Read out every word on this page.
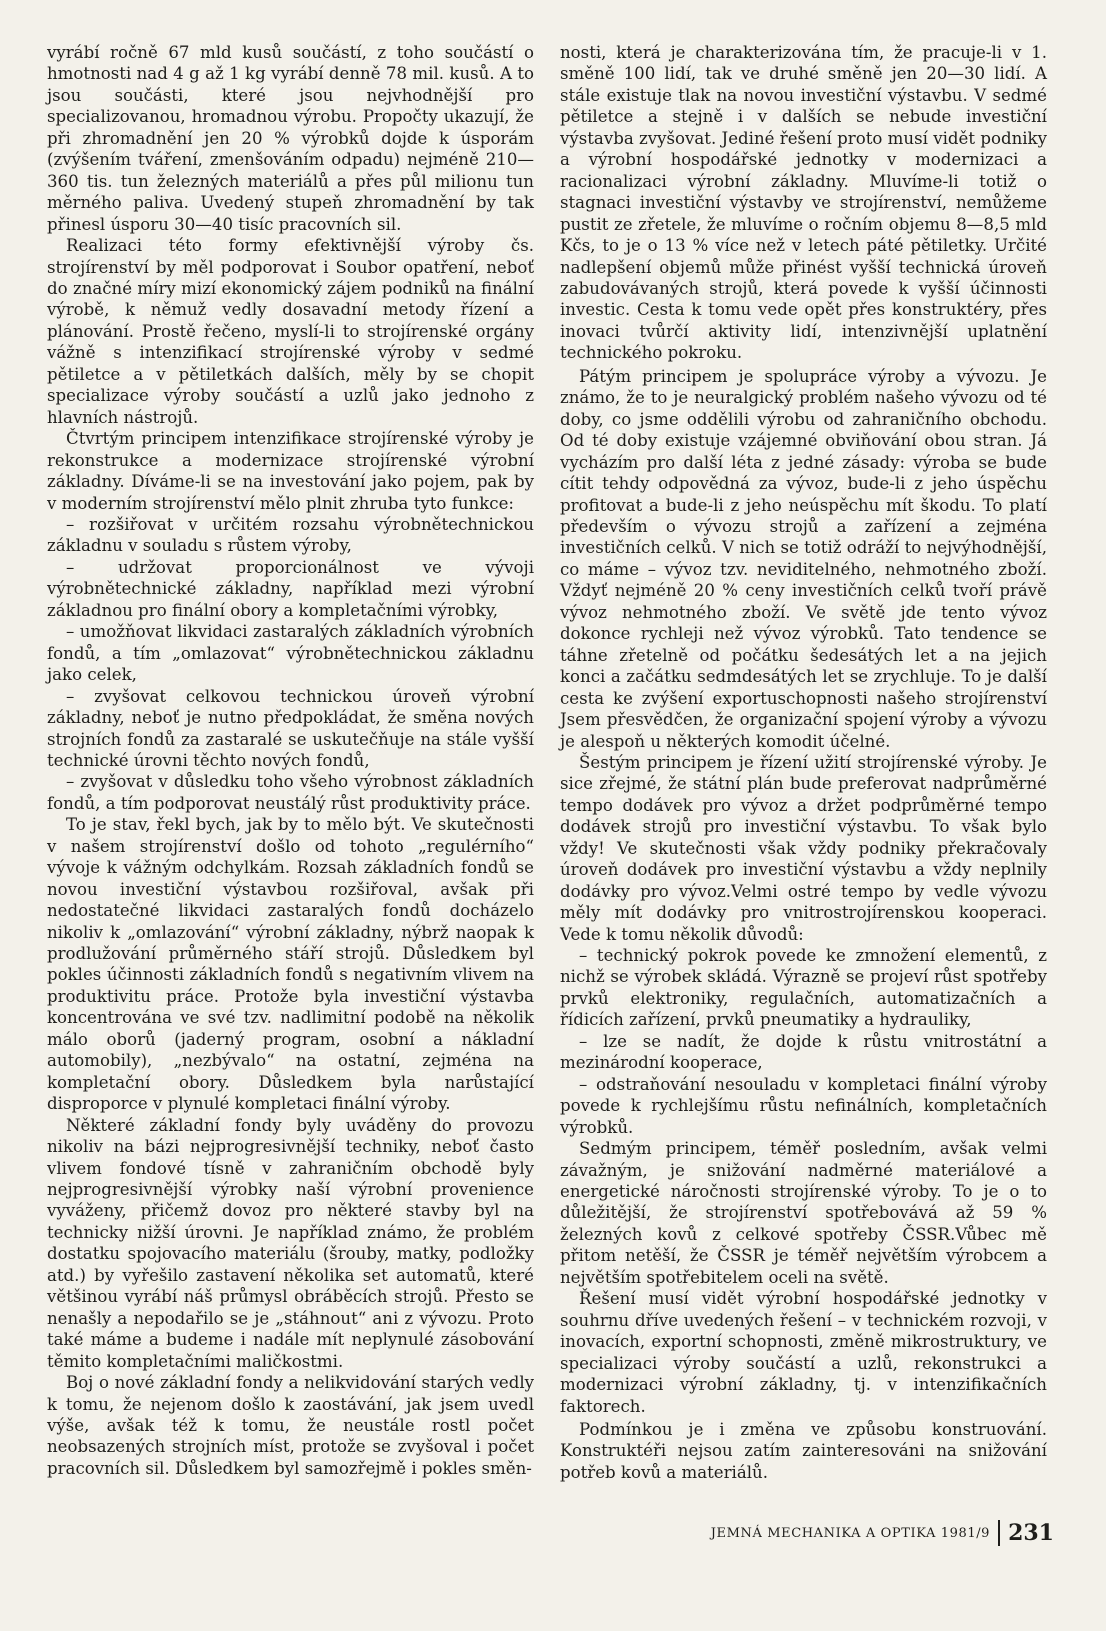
vyrábí ročně 67 mld kusů součástí, z toho součástí o hmotnosti nad 4 g až 1 kg vyrábí denně 78 mil. kusů. A to jsou součásti, které jsou nejvhodnější pro specializovanou, hromadnou výrobu. Propočty ukazují, že při zhromadnění jen 20 % výrobků dojde k úsporám (zvýšením tváření, zmenšováním odpadu) nejméně 210—360 tis. tun železných materiálů a přes půl milionu tun měrného paliva. Uvedený stupeň zhromadnění by tak přinesl úsporu 30—40 tisíc pracovních sil.

Realizaci této formy efektivnější výroby čs. strojírenství by měl podporovat i Soubor opatření, neboť do značné míry mizí ekonomický zájem podniků na finální výrobě, k němuž vedly dosavadní metody řízení a plánování. Prostě řečeno, myslí-li to strojírenské orgány vážně s intenzifikací strojírenské výroby v sedmé pětiletce a v pětiletkách dalších, měly by se chopit specializace výroby součástí a uzlů jako jednoho z hlavních nástrojů.

Čtvrtým principem intenzifikace strojírenské výroby je rekonstrukce a modernizace strojírenské výrobní základny. Díváme-li se na investování jako pojem, pak by v moderním strojírenství mělo plnit zhruba tyto funkce:

– rozšiřovat v určitém rozsahu výrobnětechnickou základnu v souladu s růstem výroby,

– udržovat proporcionálnost ve vývoji výrobnětechnické základny, například mezi výrobní základnou pro finální obory a kompletačními výrobky,

– umožňovat likvidaci zastaralých základních výrobních fondů, a tím „omlazovat“ výrobnětechnickou základnu jako celek,

– zvyšovat celkovou technickou úroveň výrobní základny, neboť je nutno předpokládat, že směna nových strojních fondů za zastaralé se uskutečňuje na stále vyšší technické úrovni těchto nových fondů,

– zvyšovat v důsledku toho všeho výrobnost základních fondů, a tím podporovat neustálý růst produktivity práce.

To je stav, řekl bych, jak by to mělo být. Ve skutečnosti v našem strojírenství došlo od tohoto „regulérního“ vývoje k vážným odchylkám. Rozsah základních fondů se novou investiční výstavbou rozšiřoval, avšak při nedostatečné likvidaci zastaralých fondů docházelo nikoliv k „omlazování“ výrobní základny, nýbrž naopak k prodlužování průměrného stáří strojů. Důsledkem byl pokles účinnosti základních fondů s negativním vlivem na produktivitu práce. Protože byla investiční výstavba koncentrována ve své tzv. nadlimitní podobě na několik málo oborů (jaderný program, osobní a nákladní automobily), „nezbývalo“ na ostatní, zejména na kompletační obory. Důsledkem byla narůstající disproporce v plynulé kompletaci finální výroby.

Některé základní fondy byly uváděny do provozu nikoliv na bázi nejprogresivnější techniky, neboť často vlivem fondové tísně v zahraničním obchodě byly nejprogresivnější výrobky naší výrobní provenience vyváženy, přičemž dovoz pro některé stavby byl na technicky nižší úrovni. Je například známo, že problém dostatku spojovacího materiálu (šrouby, matky, podložky atd.) by vyřešilo zastavení několika set automatů, které většinou vyrábí náš průmysl obráběcích strojů. Přesto se nenašly a nepodařilo se je „stáhnout“ ani z vývozu. Proto také máme a budeme i nadále mít neplynulé zásobování těmito kompletačními maličkostmi.

Boj o nové základní fondy a nelikvidování starých vedly k tomu, že nejenom došlo k zaostávání, jak jsem uvedl výše, avšak též k tomu, že neustále rostl počet neobsazených strojních míst, protože se zvyšoval i počet pracovních sil. Důsledkem byl samozřejmě i pokles směn-

nosti, která je charakterizována tím, že pracuje-li v 1. směně 100 lidí, tak ve druhé směně jen 20—30 lidí. A stále existuje tlak na novou investiční výstavbu. V sedmé pětiletce a stejně i v dalších se nebude investiční výstavba zvyšovat. Jediné řešení proto musí vidět podniky a výrobní hospodářské jednotky v modernizaci a racionalizaci výrobní základny. Mluvíme-li totiž o stagnaci investiční výstavby ve strojírenství, nemůžeme pustit ze zřetele, že mluvíme o ročním objemu 8—8,5 mld Kčs, to je o 13 % více než v letech páté pětiletky. Určité nadlepšení objemů může přinést vyšší technická úroveň zabudovávaných strojů, která povede k vyšší účinnosti investic. Cesta k tomu vede opět přes konstruktéry, přes inovaci tvůrčí aktivity lidí, intenzivnější uplatnění technického pokroku.

Pátým principem je spolupráce výroby a vývozu. Je známo, že to je neuralgický problém našeho vývozu od té doby, co jsme oddělili výrobu od zahraničního obchodu. Od té doby existuje vzájemné obviňování obou stran. Já vycházím pro další léta z jedné zásady: výroba se bude cítit tehdy odpovědná za vývoz, bude-li z jeho úspěchu profitovat a bude-li z jeho neúspěchu mít škodu. To platí především o vývozu strojů a zařízení a zejména investičních celků. V nich se totiž odráží to nejvýhodnější, co máme – vývoz tzv. neviditelného, nehmotného zboží. Vždyť nejméně 20 % ceny investičních celků tvoří právě vývoz nehmotného zboží. Ve světě jde tento vývoz dokonce rychleji než vývoz výrobků. Tato tendence se táhne zřetelně od počátku šedesátých let a na jejich konci a začátku sedmdesátých let se zrychluje. To je další cesta ke zvýšení exportuschopnosti našeho strojírenství Jsem přesvědčen, že organizační spojení výroby a vývozu je alespoň u některých komodit účelné.

Šestým principem je řízení užití strojírenské výroby. Je sice zřejmé, že státní plán bude preferovat nadprůměrné tempo dodávek pro vývoz a držet podprůměrné tempo dodávek strojů pro investiční výstavbu. To však bylo vždy! Ve skutečnosti však vždy podniky překračovaly úroveň dodávek pro investiční výstavbu a vždy neplnily dodávky pro vývoz.Velmi ostré tempo by vedle vývozu měly mít dodávky pro vnitrostrojírenskou kooperaci. Vede k tomu několik důvodů:

– technický pokrok povede ke zmnožení elementů, z nichž se výrobek skládá. Výrazně se projeví růst spotřeby prvků elektroniky, regulačních, automatizačních a řídicích zařízení, prvků pneumatiky a hydrauliky,

– lze se nadít, že dojde k růstu vnitrostátní a mezinárodní kooperace,

– odstraňování nesouladu v kompletaci finální výroby povede k rychlejšímu růstu nefinálních, kompletačních výrobků.

Sedmým principem, téměř posledním, avšak velmi závažným, je snižování nadměrné materiálové a energetické náročnosti strojírenské výroby. To je o to důležitější, že strojírenství spotřebovává až 59 % železných kovů z celkové spotřeby ČSSR.Vůbec mě přitom netěší, že ČSSR je téměř největším výrobcem a největším spotřebitelem oceli na světě.

Řešení musí vidět výrobní hospodářské jednotky v souhrnu dříve uvedených řešení – v technickém rozvoji, v inovacích, exportní schopnosti, změně mikrostruktury, ve specializaci výroby součástí a uzlů, rekonstrukci a modernizaci výrobní základny, tj. v intenzifikačních faktorech.

Podmínkou je i změna ve způsobu konstruování. Konstruktéři nejsou zatím zainteresováni na snižování potřeb kovů a materiálů.

JEMNÁ MECHANIKA A OPTIKA 1981/9 231
